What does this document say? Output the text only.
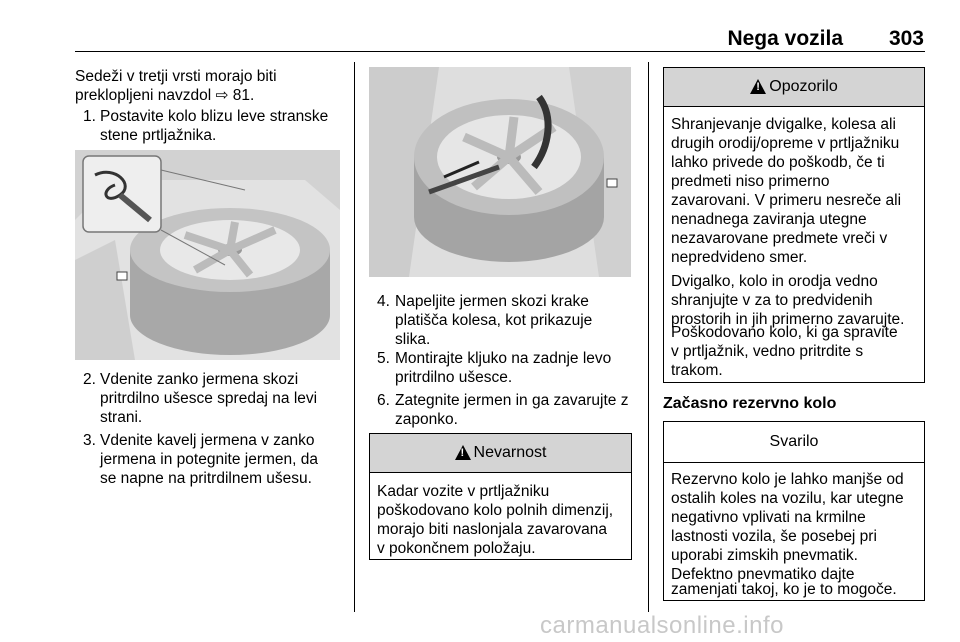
Nega vozila 303

Sedeži v tretji vrsti morajo biti

preklopljeni navzdol ⇨ 81.

1. Postavite kolo blizu leve stranske

stene prtljažnika.

2. Vdenite zanko jermena skozi

pritrdilno ušesce spredaj na levi

strani.

3. Vdenite kavelj jermena v zanko

jermena in potegnite jermen, da

se napne na pritrdilnem ušesu.

4. Napeljite jermen skozi krake

platišča kolesa, kot prikazuje

slika.

5. Montirajte kljuko na zadnje levo

pritrdilno ušesce.

6. Zategnite jermen in ga zavarujte z

zaponko.

!
Nevarnost

Kadar vozite v prtljažniku

poškodovano kolo polnih dimenzij,

morajo biti naslonjala zavarovana

v pokončnem položaju.

!
Opozorilo

Shranjevanje dvigalke, kolesa ali

drugih orodij/opreme v prtljažniku

lahko privede do poškodb, če ti

predmeti niso primerno

zavarovani. V primeru nesreče ali

nenadnega zaviranja utegne

nezavarovane predmete vreči v

nepredvideno smer.

Dvigalko, kolo in orodja vedno

shranjujte v za to predvidenih

prostorih in jih primerno zavarujte.

Poškodovano kolo, ki ga spravite

v prtljažnik, vedno pritrdite s

trakom.

Začasno rezervno kolo
Svarilo

Rezervno kolo je lahko manjše od

ostalih koles na vozilu, kar utegne

negativno vplivati na krmilne

lastnosti vozila, še posebej pri

uporabi zimskih pnevmatik.

Defektno pnevmatiko dajte

zamenjati takoj, ko je to mogoče.

carmanualsonline.info
